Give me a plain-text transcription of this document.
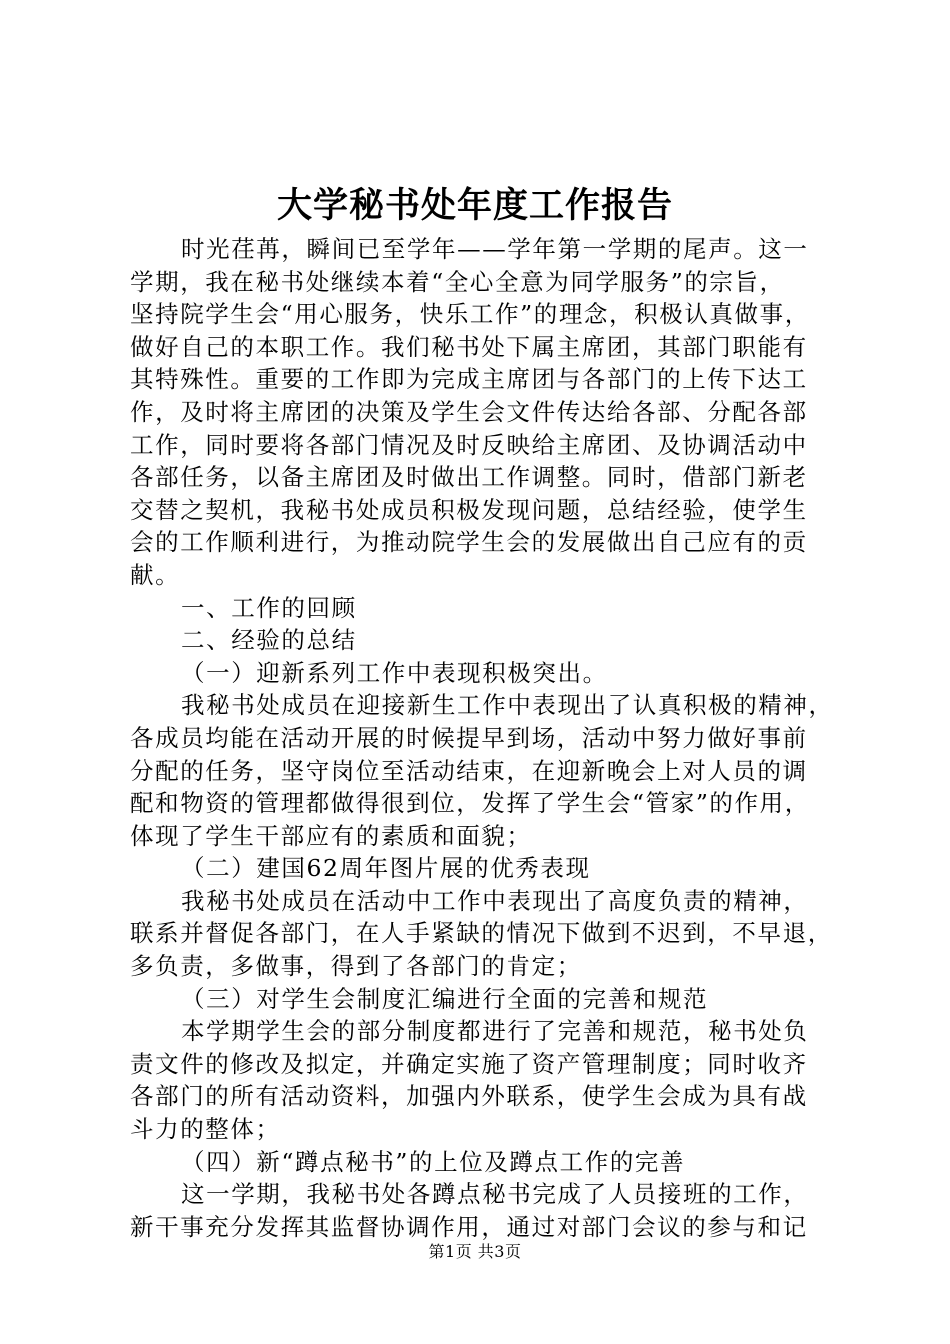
大学秘书处年度工作报告
时光荏苒，瞬间已至学年——学年第一学期的尾声。这一
学期，我在秘书处继续本着“全心全意为同学服务”的宗旨，
坚持院学生会“用心服务，快乐工作”的理念，积极认真做事，
做好自己的本职工作。我们秘书处下属主席团，其部门职能有
其特殊性。重要的工作即为完成主席团与各部门的上传下达工
作，及时将主席团的决策及学生会文件传达给各部、分配各部
工作，同时要将各部门情况及时反映给主席团、及协调活动中
各部任务，以备主席团及时做出工作调整。同时，借部门新老
交替之契机，我秘书处成员积极发现问题，总结经验，使学生
会的工作顺利进行，为推动院学生会的发展做出自己应有的贡
献。
一、工作的回顾
二、经验的总结
（一）迎新系列工作中表现积极突出。
我秘书处成员在迎接新生工作中表现出了认真积极的精神，
各成员均能在活动开展的时候提早到场，活动中努力做好事前
分配的任务，坚守岗位至活动结束，在迎新晚会上对人员的调
配和物资的管理都做得很到位，发挥了学生会“管家”的作用，
体现了学生干部应有的素质和面貌；
（二）建国62周年图片展的优秀表现
我秘书处成员在活动中工作中表现出了高度负责的精神，
联系并督促各部门，在人手紧缺的情况下做到不迟到，不早退，
多负责，多做事，得到了各部门的肯定；
（三）对学生会制度汇编进行全面的完善和规范
本学期学生会的部分制度都进行了完善和规范，秘书处负
责文件的修改及拟定，并确定实施了资产管理制度；同时收齐
各部门的所有活动资料，加强内外联系，使学生会成为具有战
斗力的整体；
（四）新“蹲点秘书”的上位及蹲点工作的完善
这一学期，我秘书处各蹲点秘书完成了人员接班的工作，
新干事充分发挥其监督协调作用，通过对部门会议的参与和记
第1页 共3页
